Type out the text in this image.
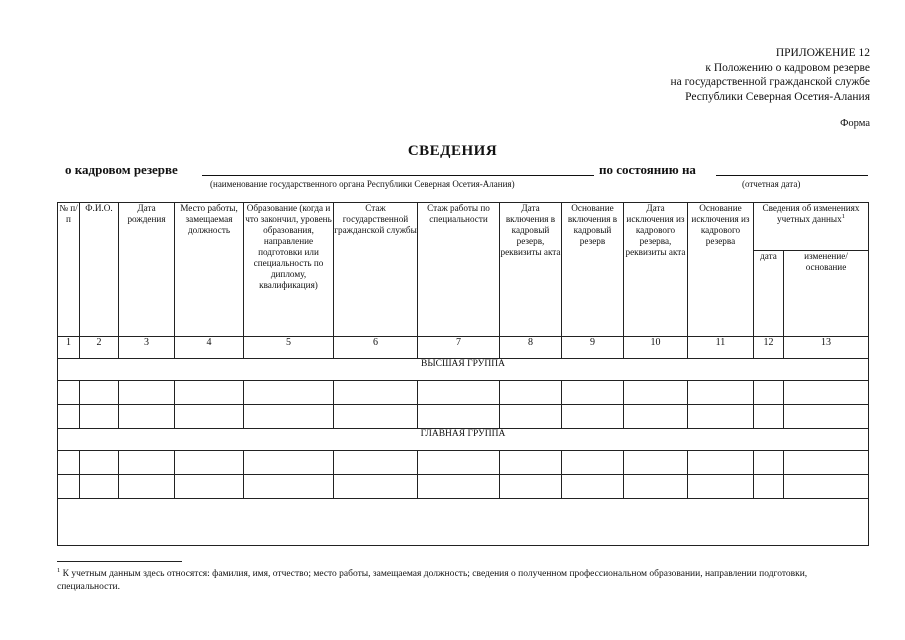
ПРИЛОЖЕНИЕ 12
к Положению о кадровом резерве
на государственной гражданской службе
Республики Северная Осетия-Алания
Форма
СВЕДЕНИЯ
о кадровом резерве	по состоянию на
(наименование государственного органа Республики Северная Осетия-Алания)	(отчетная дата)
№ п/п	Ф.И.О.	Дата рождения	Место работы, замещаемая должность	Образование (когда и что закончил, уровень образования, направление подготовки или специальность по диплому, квалификация)	Стаж государственной гражданской службы	Стаж работы по специальности	Дата включения в кадровый резерв, реквизиты акта	Основание включения в кадровый резерв	Дата исключения из кадрового резерва, реквизиты акта	Основание исключения из кадрового резерва	Сведения об изменениях учетных данных$^1$
											дата	изменение/ основание
1	2	3	4	5	6	7	8	9	10	11	12	13
ВЫСШАЯ ГРУППА												

ГЛАВНАЯ ГРУППА												

$^1$ К учетным данным здесь относятся: фамилия, имя, отчество; место работы, замещаемая должность; сведения о полученном профессиональном образовании, направлении подготовки, специальности.
